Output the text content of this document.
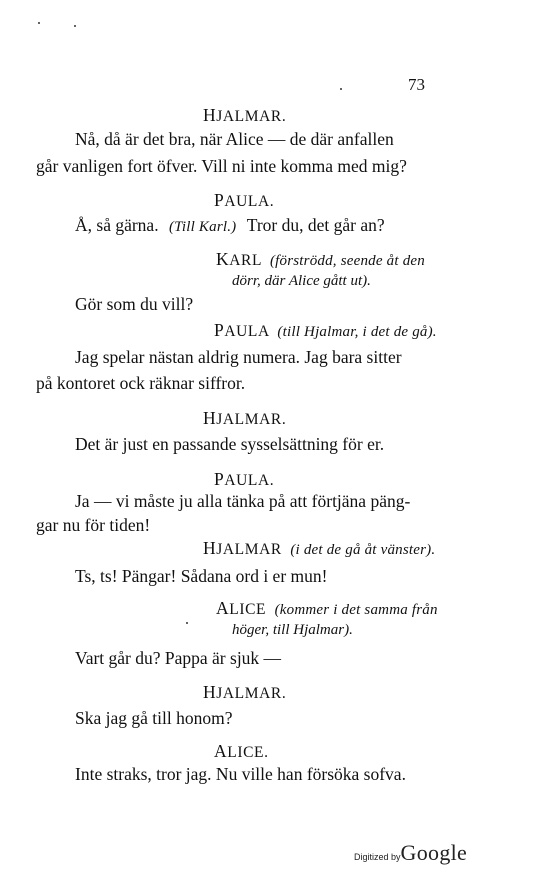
73
HJALMAR.
Nå, då är det bra, när Alice — de där anfallen
går vanligen fort öfver. Vill ni inte komma med mig?
PAULA.
Å, så gärna. (Till Karl.) Tror du, det går an?
KARL (förströdd, seende åt den
dörr, där Alice gått ut).
Gör som du vill?
PAULA (till Hjalmar, i det de gå).
Jag spelar nästan aldrig numera. Jag bara sitter
på kontoret ock räknar siffror.
HJALMAR.
Det är just en passande sysselsättning för er.
PAULA.
Ja — vi måste ju alla tänka på att förtjäna päng-
gar nu för tiden!
HJALMAR (i det de gå åt vänster).
Ts, ts! Pängar! Sådana ord i er mun!
ALICE (kommer i det samma från
höger, till Hjalmar).
Vart går du? Pappa är sjuk —
HJALMAR.
Ska jag gå till honom?
ALICE.
Inte straks, tror jag. Nu ville han försöka sofva.
Digitized byGoogle
